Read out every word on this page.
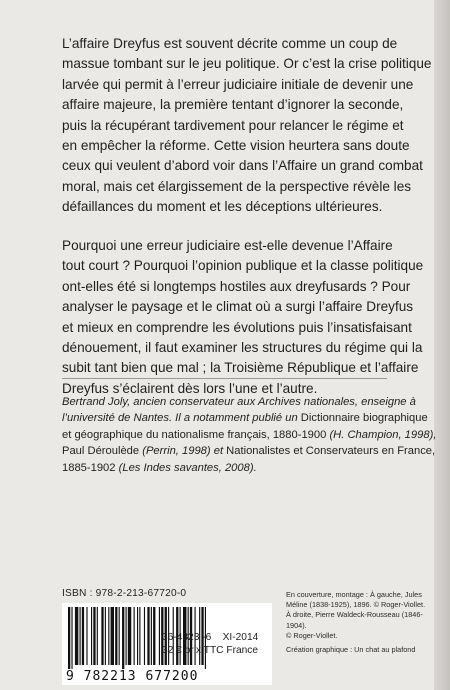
L’affaire Dreyfus est souvent décrite comme un coup de
massue tombant sur le jeu politique. Or c’est la crise politique
larvée qui permit à l’erreur judiciaire initiale de devenir une
affaire majeure, la première tentant d’ignorer la seconde,
puis la récupérant tardivement pour relancer le régime et
en empêcher la réforme. Cette vision heurtera sans doute
ceux qui veulent d’abord voir dans l’Affaire un grand combat
moral, mais cet élargissement de la perspective révèle les
défaillances du moment et les déceptions ultérieures.

Pourquoi une erreur judiciaire est-elle devenue l’Affaire
tout court ? Pourquoi l’opinion publique et la classe politique
ont-elles été si longtemps hostiles aux dreyfusards ? Pour
analyser le paysage et le climat où a surgi l’affaire Dreyfus
et mieux en comprendre les évolutions puis l’insatisfaisant
dénouement, il faut examiner les structures du régime qui la
subit tant bien que mal ; la Troisième République et l’affaire
Dreyfus s’éclairent dès lors l’une et l’autre.

Bertrand Joly, ancien conservateur aux Archives nationales, enseigne à
l’université de Nantes. Il a notamment publié un Dictionnaire biographique
et géographique du nationalisme français, 1880-1900 (H. Champion, 1998),
Paul Déroulède (Perrin, 1998) et Nationalistes et Conservateurs en France,
1885-1902 (Les Indes savantes, 2008).
ISBN : 978-2-213-67720-0
9 782213 677200
36-4323 -6 XI-2014
32 € prix TTC France
En couverture, montage : À gauche, Jules
Méline (1838-1925), 1896. © Roger-Viollet.
À droite, Pierre Waldeck-Rousseau (1846-1904).
© Roger-Viollet.
Création graphique : Un chat au plafond
